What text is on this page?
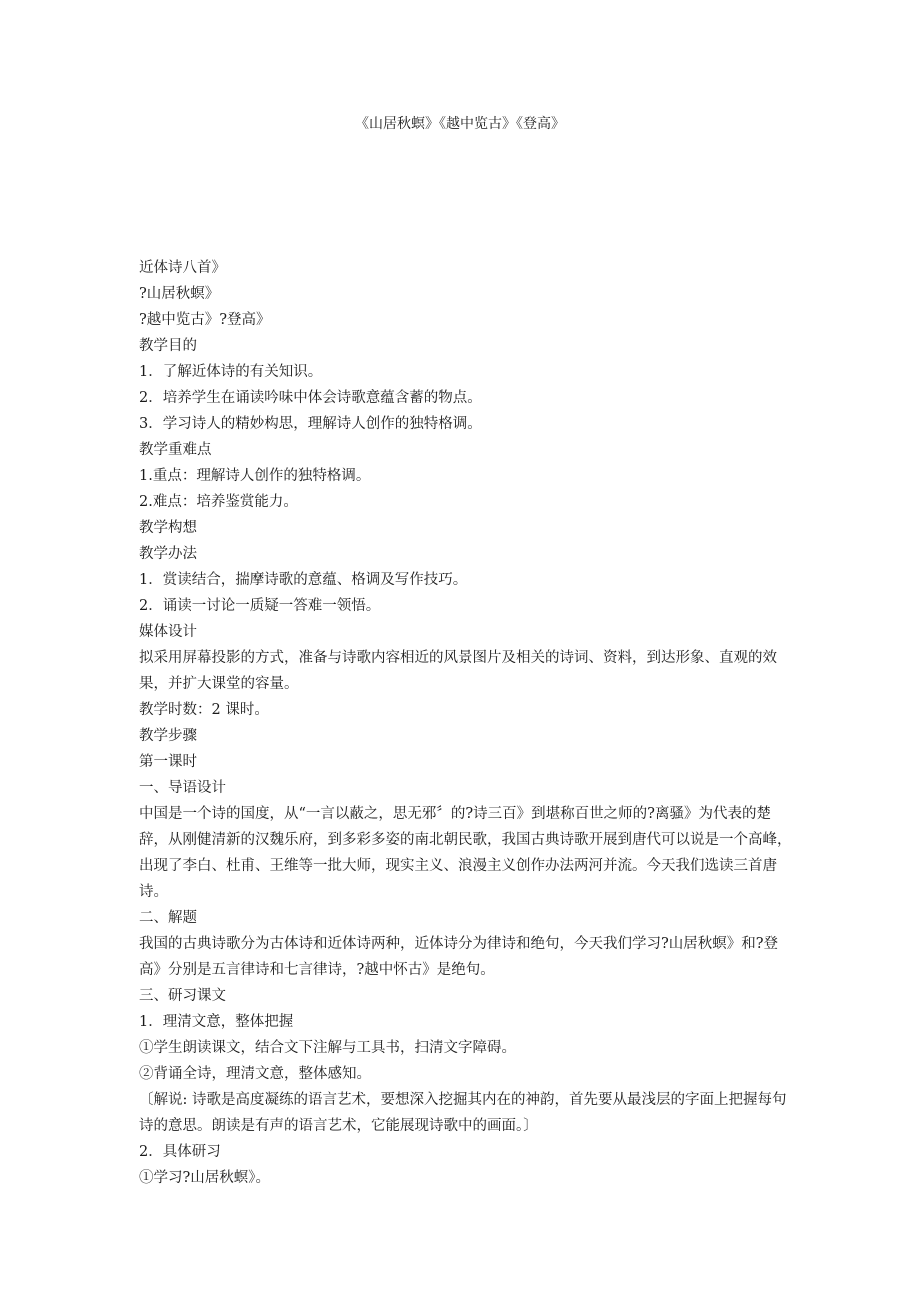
《山居秋螟》《越中览古》《登高》

近体诗八首》

?山居秋螟》

?越中览古》?登高》

教学目的

1．了解近体诗的有关知识。

2．培养学生在诵读吟味中体会诗歌意蕴含蓄的物点。

3．学习诗人的精妙构思，理解诗人创作的独特格调。

教学重难点

1.重点：理解诗人创作的独特格调。

2.难点：培养鉴赏能力。

教学构想

教学办法

1．赏读结合，揣摩诗歌的意蕴、格调及写作技巧。

2．诵读一讨论一质疑一答难一领悟。

媒体设计

拟采用屏幕投影的方式，准备与诗歌内容相近的风景图片及相关的诗词、资料，到达形象、直观的效果，并扩大课堂的容量。

教学时数：2 课时。

教学步骤

第一课时

一、导语设计

中国是一个诗的国度，从“一言以蔽之，思无邪〞的?诗三百》到堪称百世之师的?离骚》为代表的楚辞，从刚健清新的汉魏乐府，到多彩多姿的南北朝民歌，我国古典诗歌开展到唐代可以说是一个高峰，出现了李白、杜甫、王维等一批大师，现实主义、浪漫主义创作办法两河并流。今天我们选读三首唐诗。

二、解题

我国的古典诗歌分为古体诗和近体诗两种，近体诗分为律诗和绝句，今天我们学习?山居秋螟》和?登高》分别是五言律诗和七言律诗，?越中怀古》是绝句。

三、研习课文

1．理清文意，整体把握

①学生朗读课文，结合文下注解与工具书，扫清文字障碍。

②背诵全诗，理清文意，整体感知。

〔解说: 诗歌是高度凝练的语言艺术，要想深入挖掘其内在的神韵，首先要从最浅层的字面上把握每句诗的意思。朗读是有声的语言艺术，它能展现诗歌中的画面。〕

2．具体研习

①学习?山居秋螟》。
